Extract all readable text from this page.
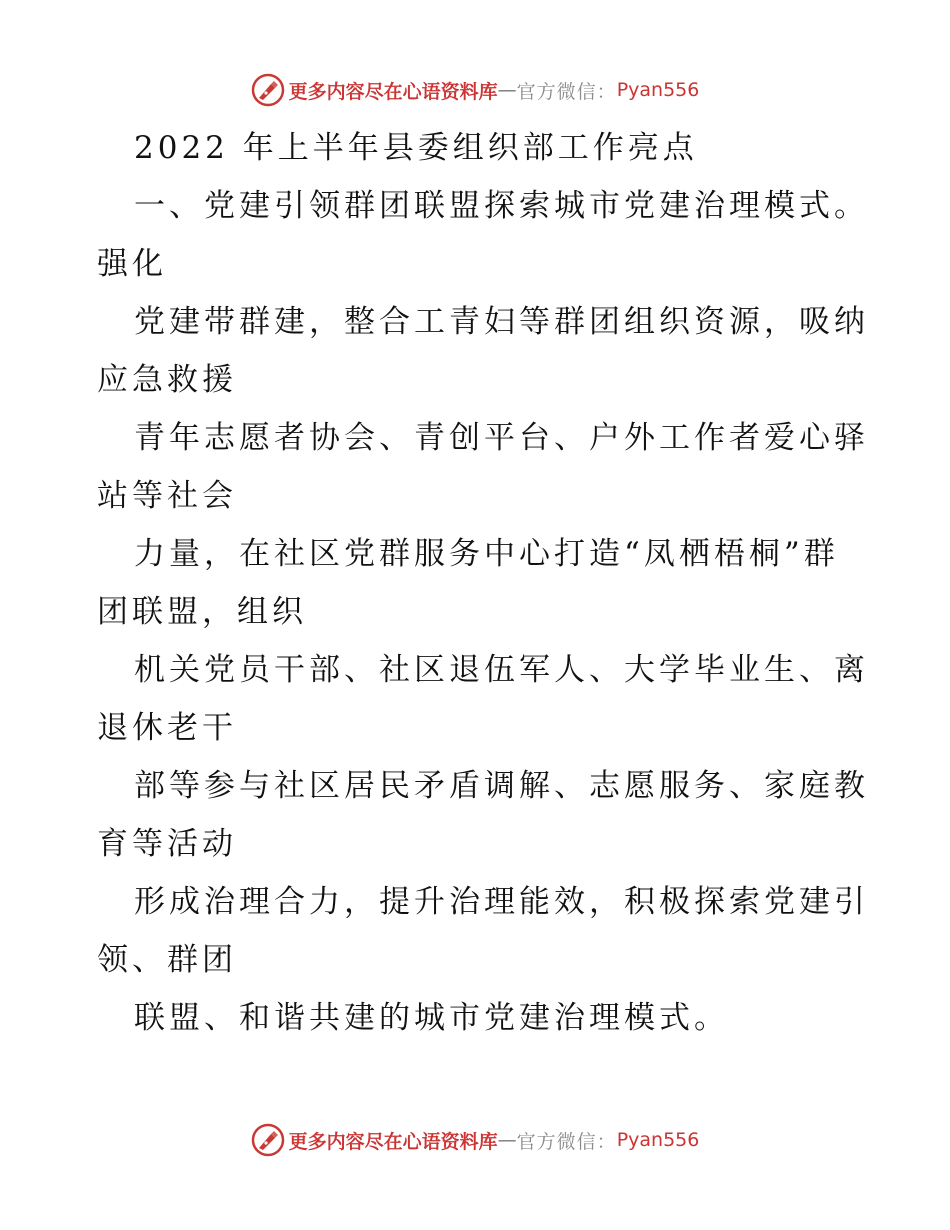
更多内容尽在心语资料库 — 官方微信： Pyan556
2022 年上半年县委组织部工作亮点
一、党建引领群团联盟探索城市党建治理模式。
强化
党建带群建，整合工青妇等群团组织资源，吸纳
应急救援
青年志愿者协会、青创平台、户外工作者爱心驿
站等社会
力量，在社区党群服务中心打造“凤栖梧桐”群
团联盟，组织
机关党员干部、社区退伍军人、大学毕业生、离
退休老干
部等参与社区居民矛盾调解、志愿服务、家庭教
育等活动
形成治理合力，提升治理能效，积极探索党建引
领、群团
联盟、和谐共建的城市党建治理模式。
更多内容尽在心语资料库 — 官方微信： Pyan556
